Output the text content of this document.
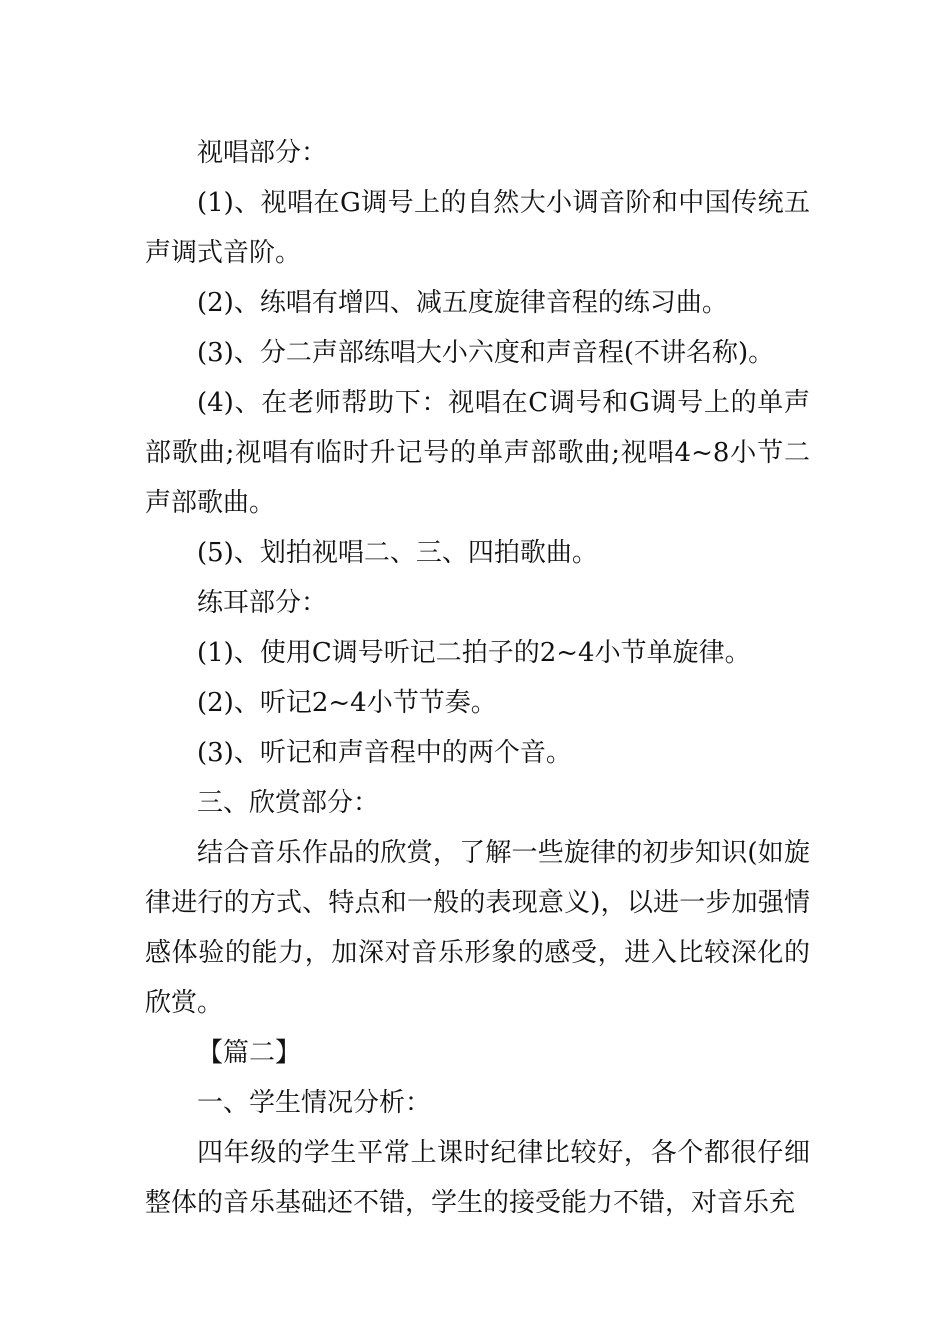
视唱部分：

(1)、视唱在G调号上的自然大小调音阶和中国传统五声调式音阶。

(2)、练唱有增四、减五度旋律音程的练习曲。

(3)、分二声部练唱大小六度和声音程(不讲名称)。

(4)、在老师帮助下：视唱在C调号和G调号上的单声部歌曲;视唱有临时升记号的单声部歌曲;视唱4~8小节二声部歌曲。

(5)、划拍视唱二、三、四拍歌曲。

练耳部分：

(1)、使用C调号听记二拍子的2~4小节单旋律。

(2)、听记2~4小节节奏。

(3)、听记和声音程中的两个音。

三、欣赏部分：

结合音乐作品的欣赏，了解一些旋律的初步知识(如旋律进行的方式、特点和一般的表现意义)，以进一步加强情感体验的能力，加深对音乐形象的感受，进入比较深化的欣赏。

【篇二】

一、学生情况分析：

四年级的学生平常上课时纪律比较好，各个都很仔细整体的音乐基础还不错，学生的接受能力不错，对音乐充
